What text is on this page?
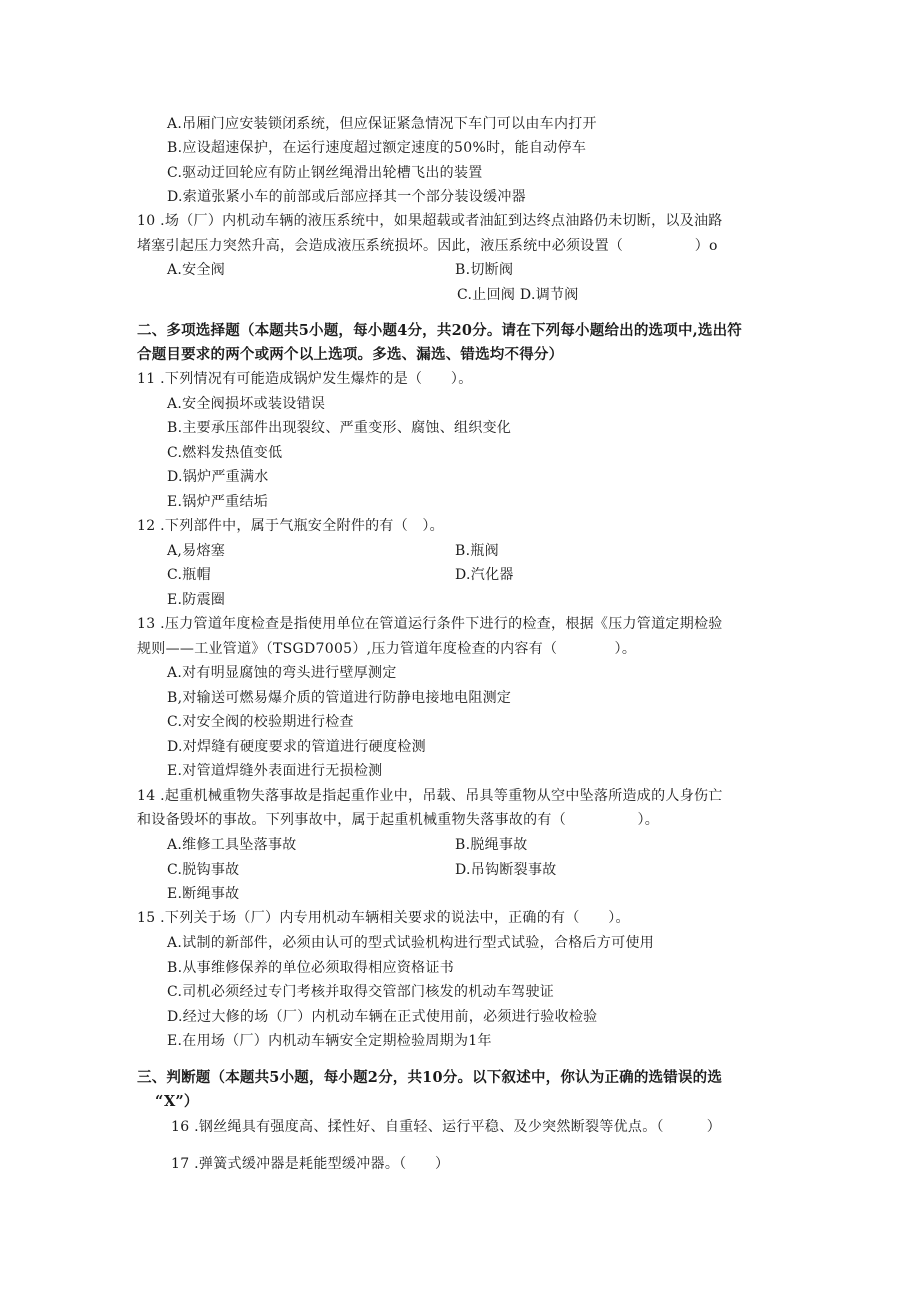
A.吊厢门应安装锁闭系统，但应保证紧急情况下车门可以由车内打开
B.应设超速保护，在运行速度超过额定速度的50%时，能自动停车
C.驱动迂回轮应有防止钢丝绳滑出轮槽飞出的装置
D.索道张紧小车的前部或后部应择其一个部分装设缓冲器
10 .场（厂）内机动车辆的液压系统中，如果超载或者油缸到达终点油路仍未切断，以及油路
堵塞引起压力突然升高，会造成液压系统损坏。因此，液压系统中必须设置（　　　　　）o
A.安全阀	B.切断阀
C.止回阀 D.调节阀
二、多项选择题（本题共5小题，每小题4分，共20分。请在下列每小题给出的选项中,选出符
合题目要求的两个或两个以上选项。多选、漏选、错选均不得分）
11 .下列情况有可能造成锅炉发生爆炸的是（　　）。
A.安全阀损坏或装设错误
B.主要承压部件出现裂纹、严重变形、腐蚀、组织变化
C.燃料发热值变低
D.锅炉严重满水
E.锅炉严重结垢
12 .下列部件中，属于气瓶安全附件的有（　）。
A,易熔塞	B.瓶阀
C.瓶帽	D.汽化器
E.防震圈
13 .压力管道年度检查是指使用单位在管道运行条件下进行的检查，根据《压力管道定期检验
规则——工业管道》（TSGD7005）,压力管道年度检查的内容有（　　　　）。
A.对有明显腐蚀的弯头进行壁厚测定
B,对输送可燃易爆介质的管道进行防静电接地电阻测定
C.对安全阀的校验期进行检查
D.对焊缝有硬度要求的管道进行硬度检测
E.对管道焊缝外表面进行无损检测
14 .起重机械重物失落事故是指起重作业中，吊载、吊具等重物从空中坠落所造成的人身伤亡
和设备毁坏的事故。下列事故中，属于起重机械重物失落事故的有（　　　　　）。
A.维修工具坠落事故	B.脱绳事故
C.脱钩事故	D.吊钩断裂事故
E.断绳事故
15 .下列关于场（厂）内专用机动车辆相关要求的说法中，正确的有（　　）。
A.试制的新部件，必须由认可的型式试验机构进行型式试验，合格后方可使用
B.从事维修保养的单位必须取得相应资格证书
C.司机必须经过专门考核并取得交管部门核发的机动车驾驶证
D.经过大修的场（厂）内机动车辆在正式使用前，必须进行验收检验
E.在用场（厂）内机动车辆安全定期检验周期为1年
三、判断题（本题共5小题，每小题2分，共10分。以下叙述中，你认为正确的选错误的选
“X”）
16 .钢丝绳具有强度高、揉性好、自重轻、运行平稳、及少突然断裂等优点。（　　　）
17 .弹簧式缓冲器是耗能型缓冲器。（　　）
